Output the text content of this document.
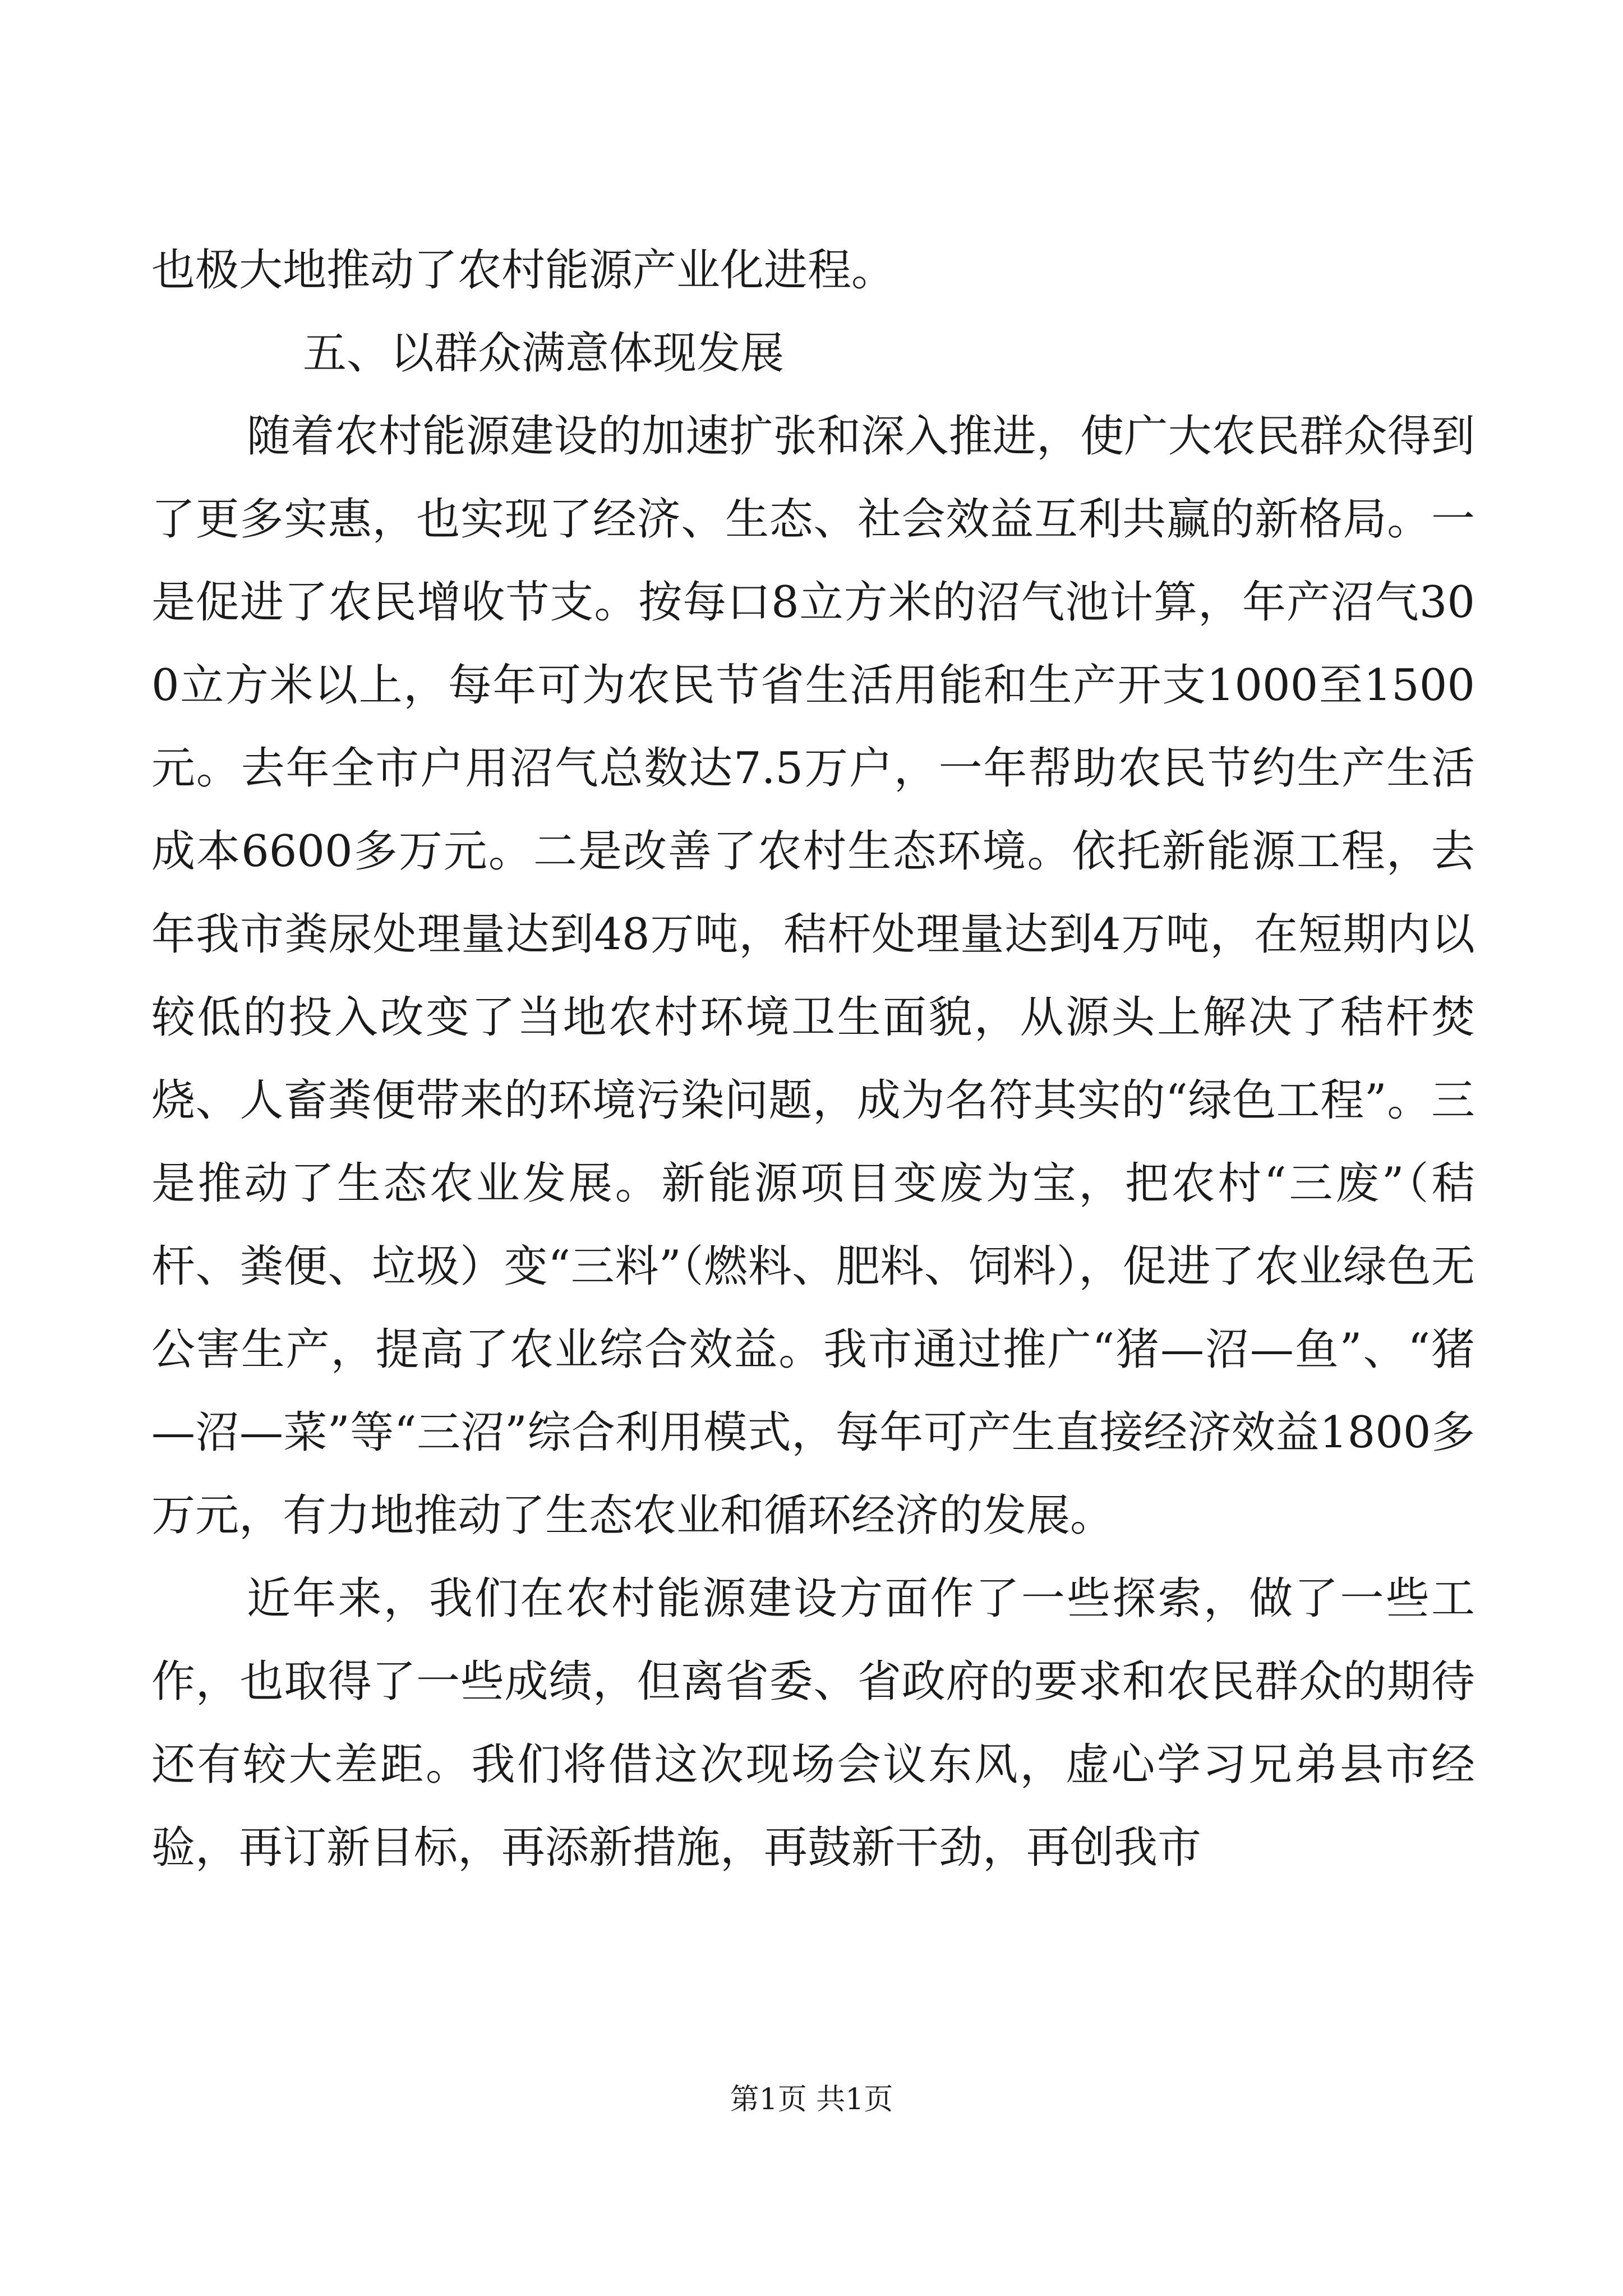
也极大地推动了农村能源产业化进程。

五、以群众满意体现发展

随着农村能源建设的加速扩张和深入推进，使广大农民群众得到了更多实惠，也实现了经济、生态、社会效益互利共赢的新格局。一是促进了农民增收节支。按每口8立方米的沼气池计算，年产沼气300立方米以上，每年可为农民节省生活用能和生产开支1000至1500元。去年全市户用沼气总数达7.5万户，一年帮助农民节约生产生活成本6600多万元。二是改善了农村生态环境。依托新能源工程，去年我市粪尿处理量达到48万吨，秸杆处理量达到4万吨，在短期内以较低的投入改变了当地农村环境卫生面貌，从源头上解决了秸杆焚烧、人畜粪便带来的环境污染问题，成为名符其实的“绿色工程”。三是推动了生态农业发展。新能源项目变废为宝，把农村“三废”（秸杆、粪便、垃圾）变“三料”（燃料、肥料、饲料），促进了农业绿色无公害生产，提高了农业综合效益。我市通过推广“猪—沼—鱼”、“猪—沼—菜”等“三沼”综合利用模式，每年可产生直接经济效益1800多万元，有力地推动了生态农业和循环经济的发展。

近年来，我们在农村能源建设方面作了一些探索，做了一些工作，也取得了一些成绩，但离省委、省政府的要求和农民群众的期待还有较大差距。我们将借这次现场会议东风，虚心学习兄弟县市经验，再订新目标，再添新措施，再鼓新干劲，再创我市

第1页 共1页
